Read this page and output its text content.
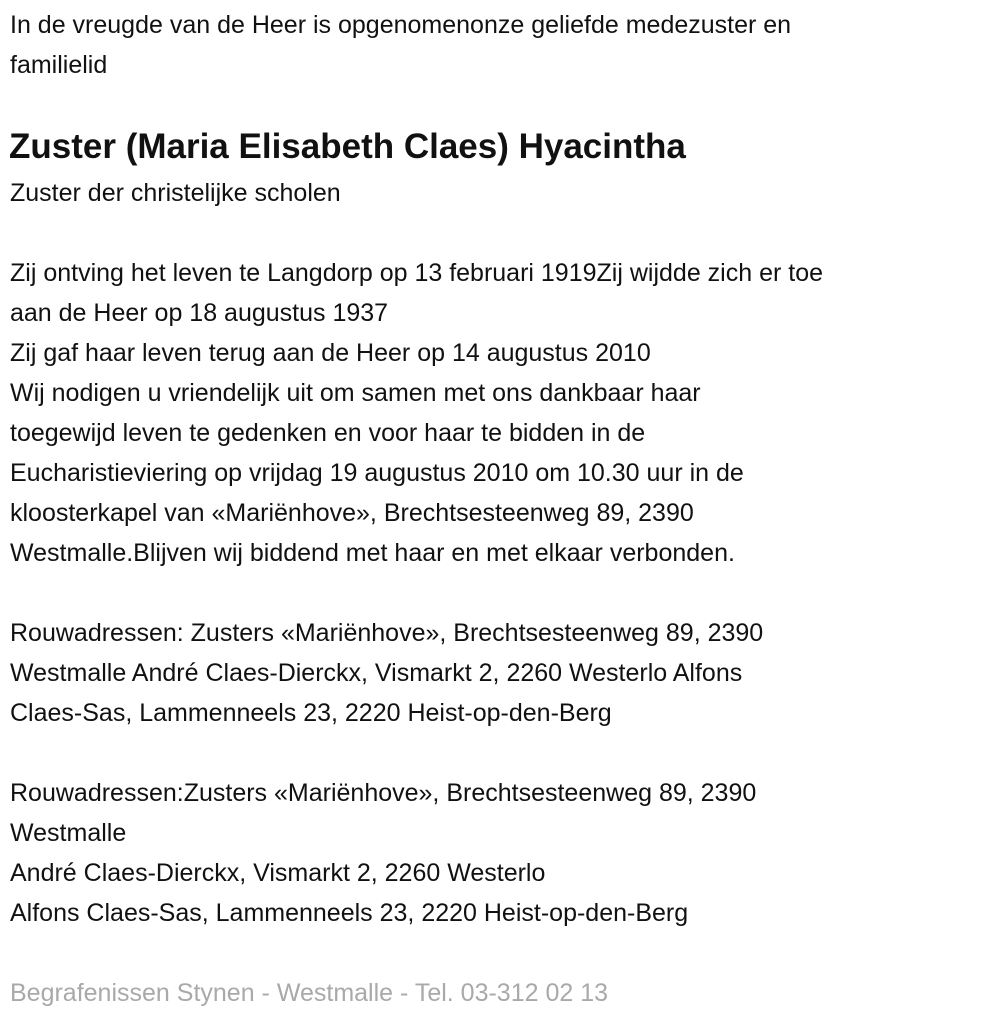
In de vreugde van de Heer is opgenomenonze geliefde medezuster en
familielid
Zuster (Maria Elisabeth Claes) Hyacintha
Zuster der christelijke scholen
Zij ontving het leven te Langdorp op 13 februari 1919Zij wijdde zich er toe
aan de Heer op 18 augustus 1937
Zij gaf haar leven terug aan de Heer op 14 augustus 2010
Wij nodigen u vriendelijk uit om samen met ons dankbaar haar
toegewijd leven te gedenken en voor haar te bidden in de
Eucharistieviering op vrijdag 19 augustus 2010 om 10.30 uur in de
kloosterkapel van «Mariënhove», Brechtsesteenweg 89, 2390
Westmalle.Blijven wij biddend met haar en met elkaar verbonden.
Rouwadressen: Zusters «Mariënhove», Brechtsesteenweg 89, 2390
Westmalle André Claes-Dierckx, Vismarkt 2, 2260 Westerlo Alfons
Claes-Sas, Lammenneels 23, 2220 Heist-op-den-Berg
Rouwadressen:Zusters «Mariënhove», Brechtsesteenweg 89, 2390
Westmalle
André Claes-Dierckx, Vismarkt 2, 2260 Westerlo
Alfons Claes-Sas, Lammenneels 23, 2220 Heist-op-den-Berg
Begrafenissen Stynen - Westmalle - Tel. 03-312 02 13
